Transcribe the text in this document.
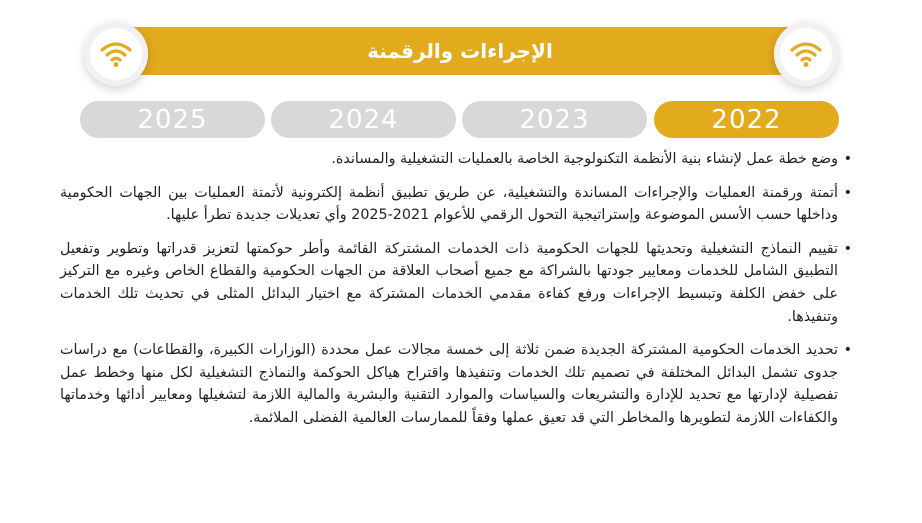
الإجراءات والرقمنة
2025	2024	2023	2022
• وضع خطة عمل لإنشاء بنية الأنظمة التكنولوجية الخاصة بالعمليات التشغيلية والمساندة.
• أتمتة ورقمنة العمليات والإجراءات المساندة والتشغيلية، عن طريق تطبيق أنظمة إلكترونية لأتمتة العمليات بين الجهات الحكومية وداخلها حسب الأسس الموضوعة وإستراتيجية التحول الرقمي للأعوام 2021-2025 وأي تعديلات جديدة تطرأ عليها.
• تقييم النماذج التشغيلية وتحديثها للجهات الحكومية ذات الخدمات المشتركة القائمة وأطر حوكمتها لتعزيز قدراتها وتطوير وتفعيل التطبيق الشامل للخدمات ومعايير جودتها بالشراكة مع جميع أصحاب العلاقة من الجهات الحكومية والقطاع الخاص وغيره مع التركيز على خفض الكلفة وتبسيط الإجراءات ورفع كفاءة مقدمي الخدمات المشتركة مع اختيار البدائل المثلى في تحديث تلك الخدمات وتنفيذها.
• تحديد الخدمات الحكومية المشتركة الجديدة ضمن ثلاثة إلى خمسة مجالات عمل محددة (الوزارات الكبيرة، والقطاعات) مع دراسات جدوى تشمل البدائل المختلفة في تصميم تلك الخدمات وتنفيذها واقتراح هياكل الحوكمة والنماذج التشغيلية لكل منها وخطط عمل تفصيلية لإدارتها مع تحديد للإدارة والتشريعات والسياسات والموارد التقنية والبشرية والمالية اللازمة لتشغيلها ومعايير أدائها وخدماتها والكفاءات اللازمة لتطويرها والمخاطر التي قد تعيق عملها وفقاً للممارسات العالمية الفضلى الملائمة.
